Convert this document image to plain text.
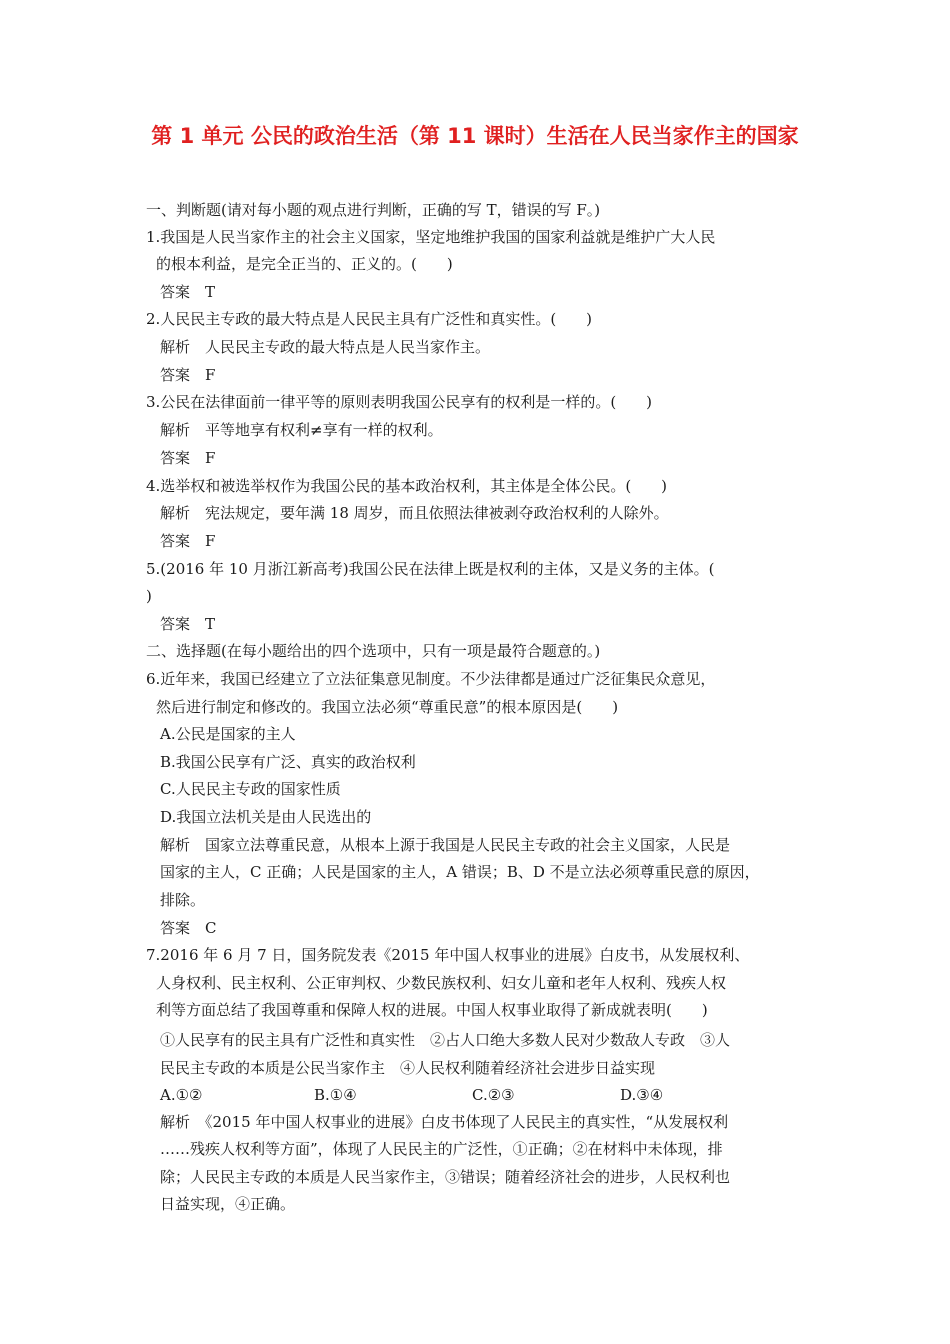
第 1 单元 公民的政治生活（第 11 课时）生活在人民当家作主的国家
一、判断题(请对每小题的观点进行判断，正确的写 T，错误的写 F。)
1.我国是人民当家作主的社会主义国家，坚定地维护我国的国家利益就是维护广大人民
的根本利益，是完全正当的、正义的。(　　)
答案　T
2.人民民主专政的最大特点是人民民主具有广泛性和真实性。(　　)
解析　人民民主专政的最大特点是人民当家作主。
答案　F
3.公民在法律面前一律平等的原则表明我国公民享有的权利是一样的。(　　)
解析　平等地享有权利≠享有一样的权利。
答案　F
4.选举权和被选举权作为我国公民的基本政治权利，其主体是全体公民。(　　)
解析　宪法规定，要年满 18 周岁，而且依照法律被剥夺政治权利的人除外。
答案　F
5.(2016 年 10 月浙江新高考)我国公民在法律上既是权利的主体，又是义务的主体。(
)
答案　T
二、选择题(在每小题给出的四个选项中，只有一项是最符合题意的。)
6.近年来，我国已经建立了立法征集意见制度。不少法律都是通过广泛征集民众意见，
然后进行制定和修改的。我国立法必须“尊重民意”的根本原因是(　　)
A.公民是国家的主人
B.我国公民享有广泛、真实的政治权利
C.人民民主专政的国家性质
D.我国立法机关是由人民选出的
解析　国家立法尊重民意，从根本上源于我国是人民民主专政的社会主义国家，人民是
国家的主人，C 正确；人民是国家的主人，A 错误；B、D 不是立法必须尊重民意的原因，
排除。
答案　C
7.2016 年 6 月 7 日，国务院发表《2015 年中国人权事业的进展》白皮书，从发展权利、
人身权利、民主权利、公正审判权、少数民族权利、妇女儿童和老年人权利、残疾人权
利等方面总结了我国尊重和保障人权的进展。中国人权事业取得了新成就表明(　　)
①人民享有的民主具有广泛性和真实性　②占人口绝大多数人民对少数敌人专政　③人
民民主专政的本质是公民当家作主　④人民权利随着经济社会进步日益实现
解析　《2015 年中国人权事业的进展》白皮书体现了人民民主的真实性，“从发展权利
……残疾人权利等方面”，体现了人民民主的广泛性，①正确；②在材料中未体现，排
除；人民民主专政的本质是人民当家作主，③错误；随着经济社会的进步，人民权利也
日益实现，④正确。
A.①②	B.①④	C.②③	D.③④
